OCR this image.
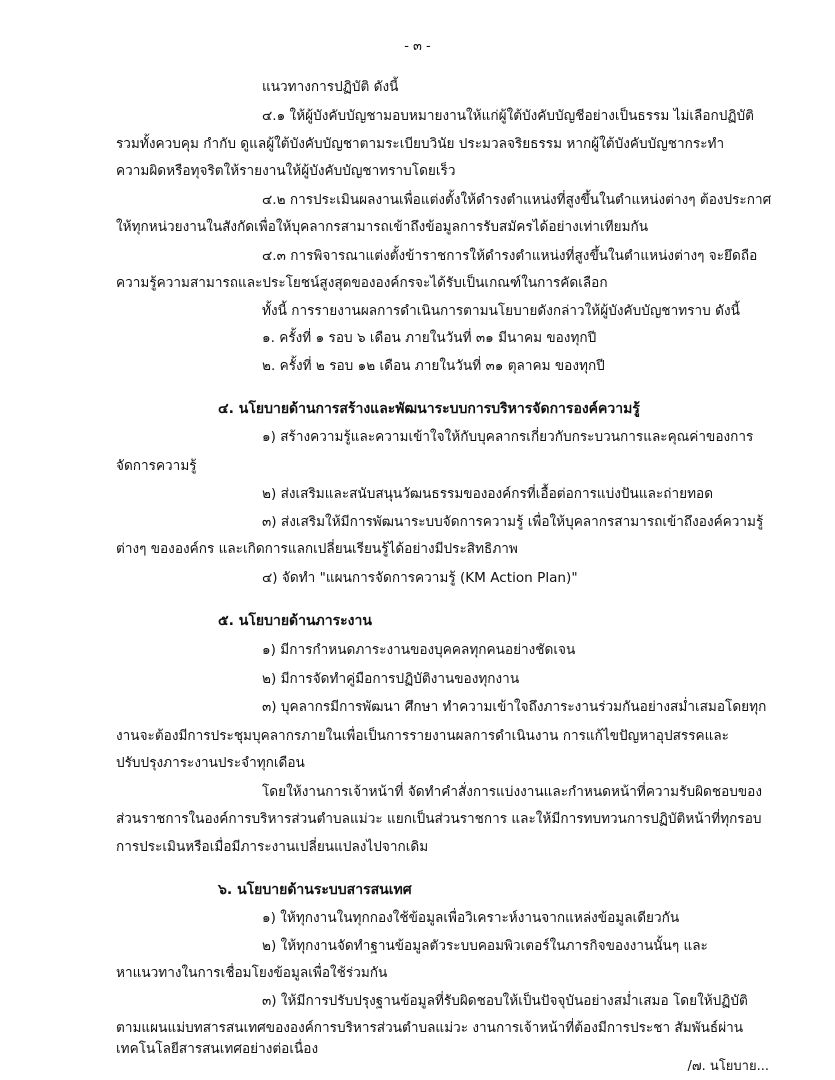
- ๓ -
แนวทางการปฏิบัติ ดังนี้
๔.๑ ให้ผู้บังคับบัญชามอบหมายงานให้แก่ผู้ใต้บังคับบัญชีอย่างเป็นธรรม ไม่เลือกปฏิบัติ
รวมทั้งควบคุม กำกับ ดูแลผู้ใต้บังคับบัญชาตามระเบียบวินัย ประมวลจริยธรรม หากผู้ใต้บังคับบัญชากระทำ
ความผิดหรือทุจริตให้รายงานให้ผู้บังคับบัญชาทราบโดยเร็ว
๔.๒ การประเมินผลงานเพื่อแต่งตั้งให้ดำรงตำแหน่งที่สูงขึ้นในตำแหน่งต่างๆ ต้องประกาศ
ให้ทุกหน่วยงานในสังกัดเพื่อให้บุคลากรสามารถเข้าถึงข้อมูลการรับสมัครได้อย่างเท่าเทียมกัน
๔.๓ การพิจารณาแต่งตั้งข้าราชการให้ดำรงตำแหน่งที่สูงขึ้นในตำแหน่งต่างๆ จะยึดถือ
ความรู้ความสามารถและประโยชน์สูงสุดขององค์กรจะได้รับเป็นเกณฑ์ในการคัดเลือก
ทั้งนี้ การรายงานผลการดำเนินการตามนโยบายดังกล่าวให้ผู้บังคับบัญชาทราบ ดังนี้
๑. ครั้งที่ ๑ รอบ ๖ เดือน ภายในวันที่ ๓๑ มีนาคม ของทุกปี
๒. ครั้งที่ ๒ รอบ ๑๒ เดือน ภายในวันที่ ๓๑ ตุลาคม ของทุกปี
๔. นโยบายด้านการสร้างและพัฒนาระบบการบริหารจัดการองค์ความรู้
๑) สร้างความรู้และความเข้าใจให้กับบุคลากรเกี่ยวกับกระบวนการและคุณค่าของการ
จัดการความรู้
๒) ส่งเสริมและสนับสนุนวัฒนธรรมขององค์กรที่เอื้อต่อการแบ่งปันและถ่ายทอด
๓) ส่งเสริมให้มีการพัฒนาระบบจัดการความรู้ เพื่อให้บุคลากรสามารถเข้าถึงองค์ความรู้
ต่างๆ ขององค์กร และเกิดการแลกเปลี่ยนเรียนรู้ได้อย่างมีประสิทธิภาพ
๔) จัดทำ "แผนการจัดการความรู้ (KM Action Plan)"
๕. นโยบายด้านภาระงาน
๑) มีการกำหนดภาระงานของบุคคลทุกคนอย่างชัดเจน
๒) มีการจัดทำคู่มือการปฏิบัติงานของทุกงาน
๓) บุคลากรมีการพัฒนา ศึกษา ทำความเข้าใจถึงภาระงานร่วมกันอย่างสม่ำเสมอโดยทุก
งานจะต้องมีการประชุมบุคลากรภายในเพื่อเป็นการรายงานผลการดำเนินงาน การแก้ไขปัญหาอุปสรรคและ
ปรับปรุงภาระงานประจำทุกเดือน
โดยให้งานการเจ้าหน้าที่ จัดทำคำสั่งการแบ่งงานและกำหนดหน้าที่ความรับผิดชอบของ
ส่วนราชการในองค์การบริหารส่วนตำบลแม่วะ แยกเป็นส่วนราชการ และให้มีการทบทวนการปฏิบัติหน้าที่ทุกรอบ
การประเมินหรือเมื่อมีภาระงานเปลี่ยนแปลงไปจากเดิม
๖. นโยบายด้านระบบสารสนเทศ
๑) ให้ทุกงานในทุกกองใช้ข้อมูลเพื่อวิเคราะห์งานจากแหล่งข้อมูลเดียวกัน
๒) ให้ทุกงานจัดทำฐานข้อมูลตัวระบบคอมพิวเตอร์ในภารกิจของงานนั้นๆ และ
หาแนวทางในการเชื่อมโยงข้อมูลเพื่อใช้ร่วมกัน
๓) ให้มีการปรับปรุงฐานข้อมูลที่รับผิดชอบให้เป็นปัจจุบันอย่างสม่ำเสมอ โดยให้ปฏิบัติ
ตามแผนแม่บทสารสนเทศขององค์การบริหารส่วนตำบลแม่วะ งานการเจ้าหน้าที่ต้องมีการประชา สัมพันธ์ผ่าน
เทคโนโลยีสารสนเทศอย่างต่อเนื่อง
/๗. นโยบาย...
